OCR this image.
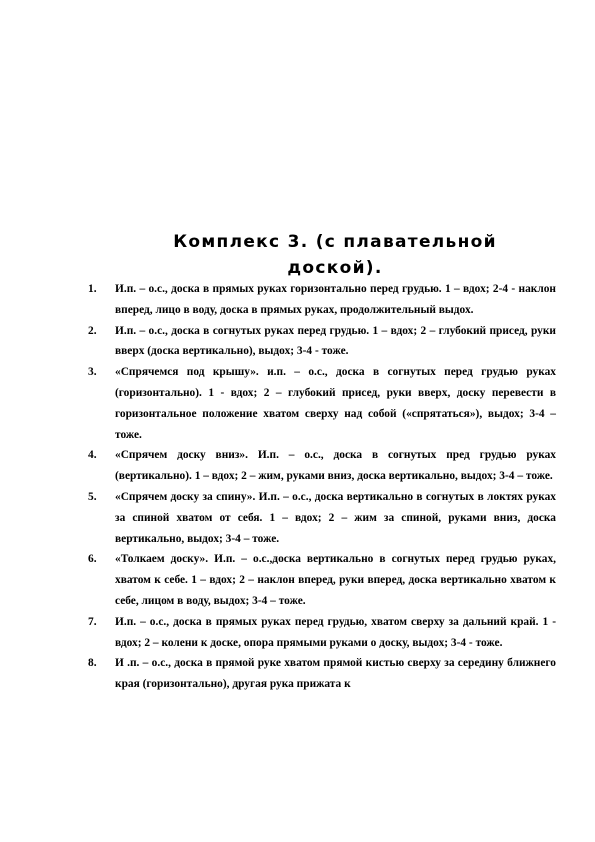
Комплекс 3. (с плавательной доской).
1. И.п. – о.с., доска в прямых руках горизонтально перед грудью. 1 – вдох; 2-4 - наклон вперед, лицо в воду, доска в прямых руках, продолжительный выдох.
2. И.п. – о.с., доска в согнутых руках перед грудью. 1 – вдох; 2 – глубокий присед, руки вверх (доска вертикально), выдох; 3-4 - тоже.
3. «Спрячемся под крышу». и.п. – о.с., доска в согнутых перед грудью руках (горизонтально). 1 - вдох; 2 – глубокий присед, руки вверх, доску перевести в горизонтальное положение хватом сверху над собой («спрятаться»), выдох; 3-4 – тоже.
4. «Спрячем доску вниз». И.п. – о.с., доска в согнутых пред грудью руках (вертикально). 1 – вдох; 2 – жим, руками вниз, доска вертикально, выдох; 3-4 – тоже.
5. «Спрячем доску за спину». И.п. – о.с., доска вертикально в согнутых в локтях руках за спиной хватом от себя. 1 – вдох; 2 – жим за спиной, руками вниз, доска вертикально, выдох; 3-4 – тоже.
6. «Толкаем доску». И.п. – о.с.,доска вертикально в согнутых перед грудью руках, хватом к себе. 1 – вдох; 2 – наклон вперед, руки вперед, доска вертикально хватом к себе, лицом в воду, выдох; 3-4 – тоже.
7. И.п. – о.с., доска в прямых руках перед грудью, хватом сверху за дальний край. 1 - вдох; 2 – колени к доске, опора прямыми руками о доску, выдох; 3-4 - тоже.
8. И .п. – о.с., доска в прямой руке хватом прямой кистью сверху за середину ближнего края (горизонтально), другая рука прижата к
